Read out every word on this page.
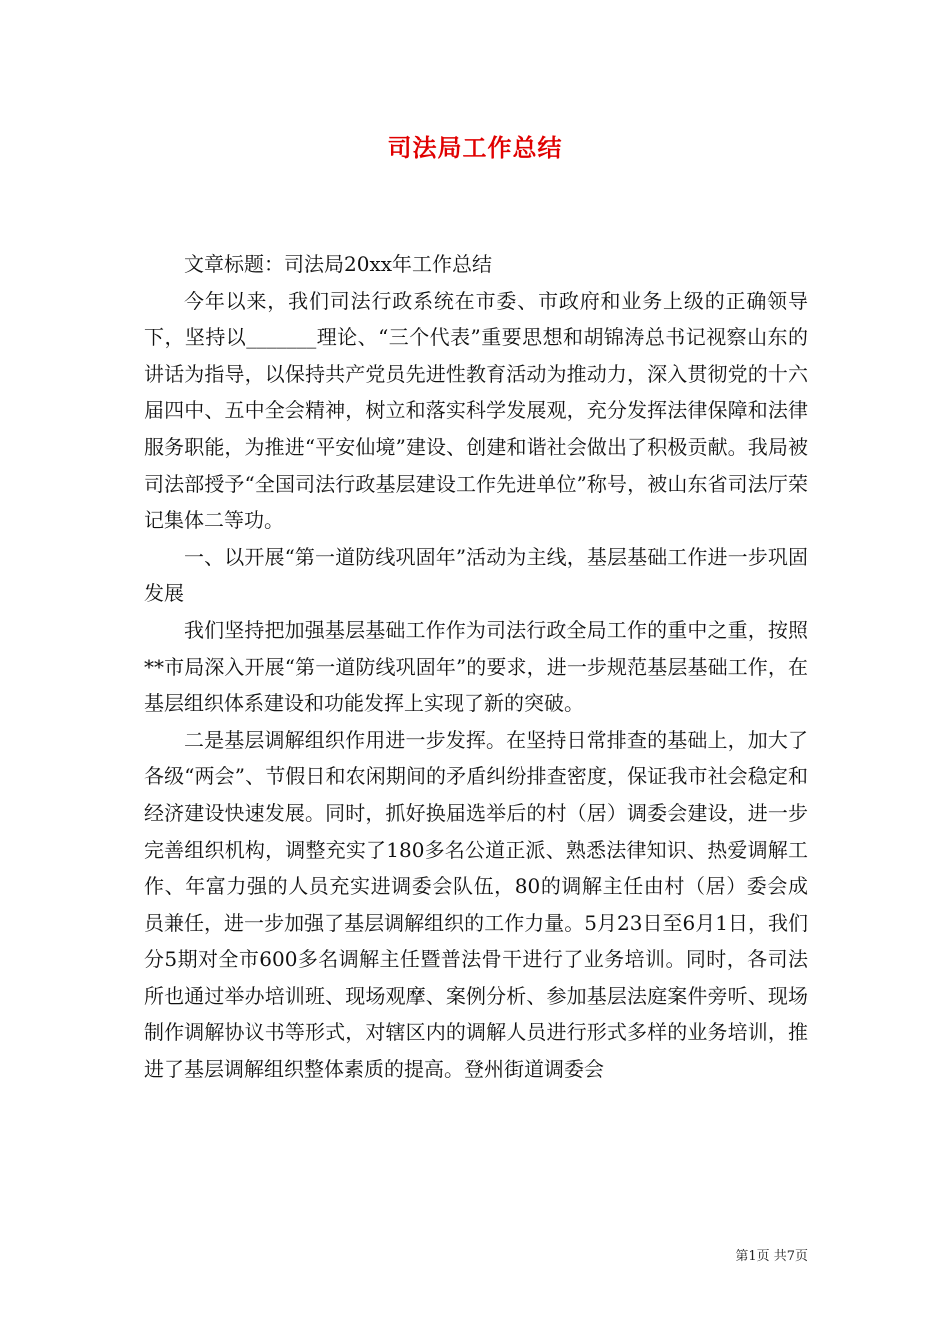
司法局工作总结

文章标题：司法局20xx年工作总结

今年以来，我们司法行政系统在市委、市政府和业务上级的正确领导下，坚持以_______理论、“三个代表”重要思想和胡锦涛总书记视察山东的讲话为指导，以保持共产党员先进性教育活动为推动力，深入贯彻党的十六届四中、五中全会精神，树立和落实科学发展观，充分发挥法律保障和法律服务职能，为推进“平安仙境”建设、创建和谐社会做出了积极贡献。我局被司法部授予“全国司法行政基层建设工作先进单位”称号，被山东省司法厅荣记集体二等功。

一、以开展“第一道防线巩固年”活动为主线，基层基础工作进一步巩固发展

我们坚持把加强基层基础工作作为司法行政全局工作的重中之重，按照**市局深入开展“第一道防线巩固年”的要求，进一步规范基层基础工作，在基层组织体系建设和功能发挥上实现了新的突破。

二是基层调解组织作用进一步发挥。在坚持日常排查的基础上，加大了各级“两会”、节假日和农闲期间的矛盾纠纷排查密度，保证我市社会稳定和经济建设快速发展。同时，抓好换届选举后的村（居）调委会建设，进一步完善组织机构，调整充实了180多名公道正派、熟悉法律知识、热爱调解工作、年富力强的人员充实进调委会队伍，80的调解主任由村（居）委会成员兼任，进一步加强了基层调解组织的工作力量。5月23日至6月1日，我们分5期对全市600多名调解主任暨普法骨干进行了业务培训。同时，各司法所也通过举办培训班、现场观摩、案例分析、参加基层法庭案件旁听、现场制作调解协议书等形式，对辖区内的调解人员进行形式多样的业务培训，推进了基层调解组织整体素质的提高。登州街道调委会

第1页 共7页
